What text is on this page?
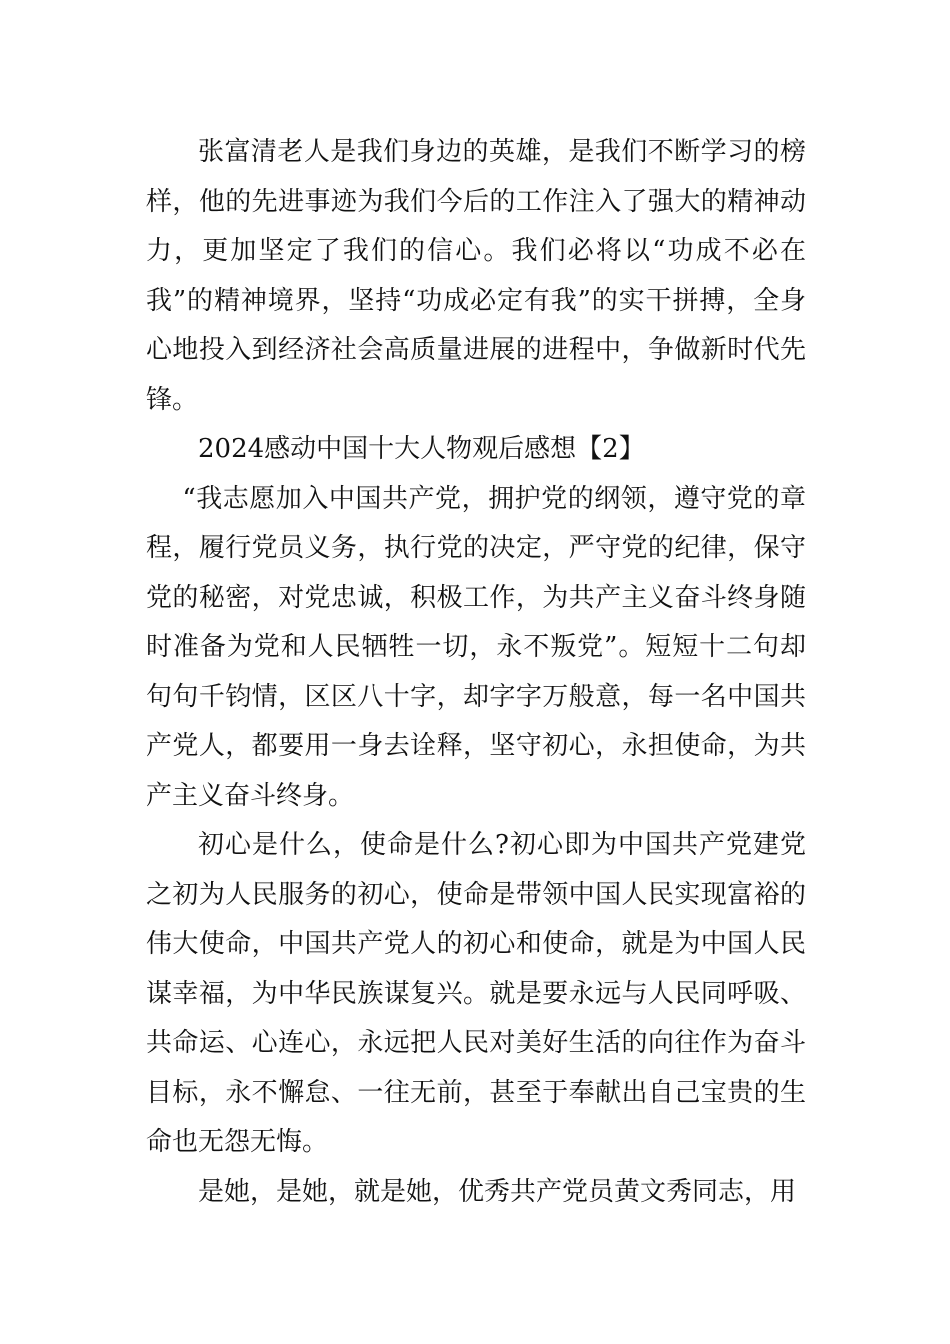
张富清老人是我们身边的英雄，是我们不断学习的榜样，他的先进事迹为我们今后的工作注入了强大的精神动力，更加坚定了我们的信心。我们必将以“功成不必在我”的精神境界，坚持“功成必定有我”的实干拼搏，全身心地投入到经济社会高质量进展的进程中，争做新时代先锋。

2024感动中国十大人物观后感想【2】

“我志愿加入中国共产党，拥护党的纲领，遵守党的章程，履行党员义务，执行党的决定，严守党的纪律，保守党的秘密，对党忠诚，积极工作，为共产主义奋斗终身随时准备为党和人民牺牲一切，永不叛党”。短短十二句却句句千钧情，区区八十字，却字字万般意，每一名中国共产党人，都要用一身去诠释，坚守初心，永担使命，为共产主义奋斗终身。

初心是什么，使命是什么?初心即为中国共产党建党之初为人民服务的初心，使命是带领中国人民实现富裕的伟大使命，中国共产党人的初心和使命，就是为中国人民谋幸福，为中华民族谋复兴。就是要永远与人民同呼吸、共命运、心连心，永远把人民对美好生活的向往作为奋斗目标，永不懈怠、一往无前，甚至于奉献出自己宝贵的生命也无怨无悔。

是她，是她，就是她，优秀共产党员黄文秀同志，用
